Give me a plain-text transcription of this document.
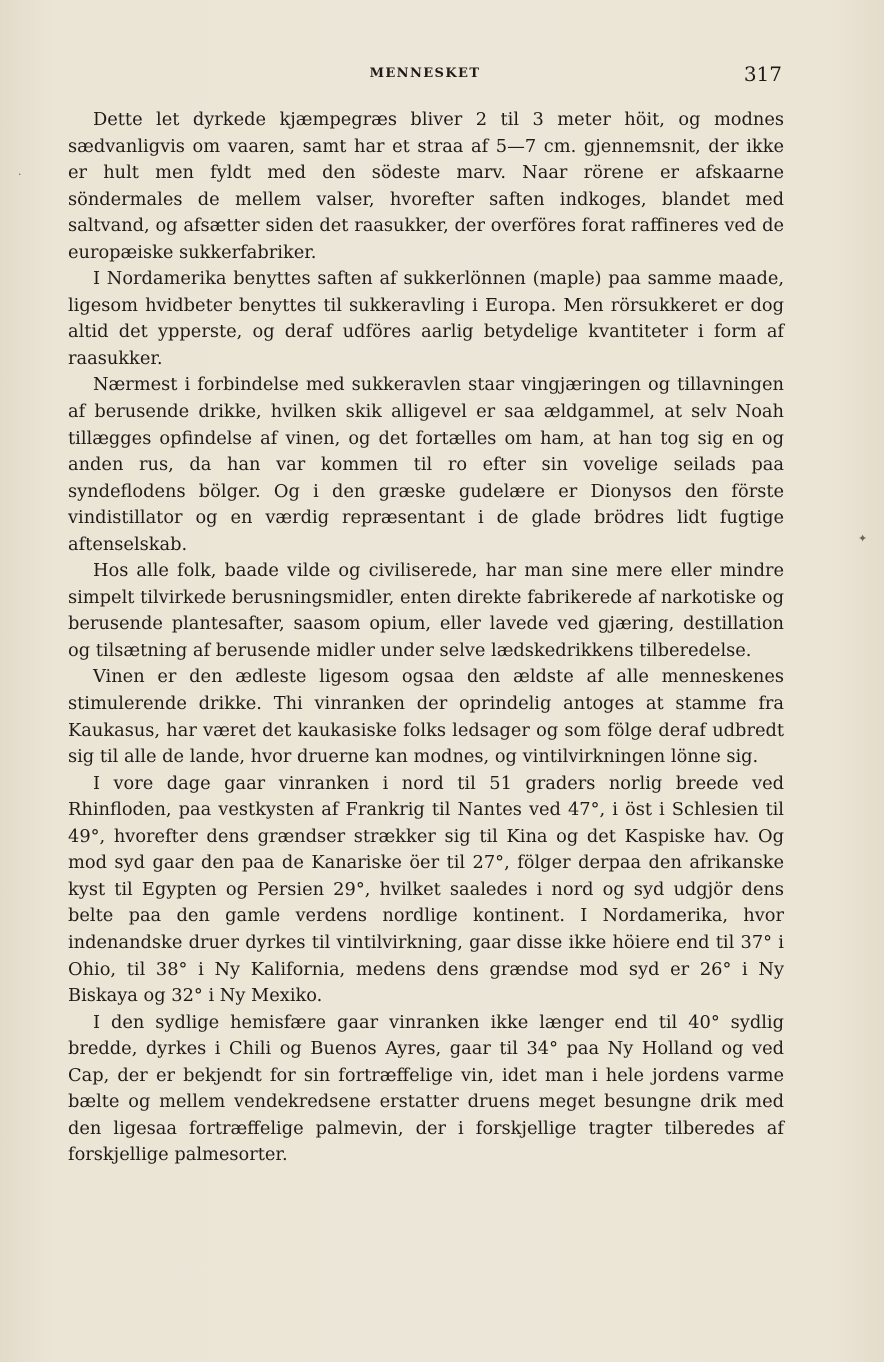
MENNESKET	317

Dette let dyrkede kjæmpegræs bliver 2 til 3 meter höit, og modnes sædvanligvis om vaaren, samt har et straa af 5—7 cm. gjennemsnit, der ikke er hult men fyldt med den södeste marv. Naar rörene er afskaarne söndermales de mellem valser, hvorefter saften indkoges, blandet med saltvand, og afsætter siden det raasukker, der overföres forat raffineres ved de europæiske sukkerfabriker.

I Nordamerika benyttes saften af sukkerlönnen (maple) paa samme maade, ligesom hvidbeter benyttes til sukkeravling i Europa. Men rörsukkeret er dog altid det ypperste, og deraf udföres aarlig betydelige kvantiteter i form af raasukker.

Nærmest i forbindelse med sukkeravlen staar vingjæringen og tillavningen af berusende drikke, hvilken skik alligevel er saa ældgammel, at selv Noah tillægges opfindelse af vinen, og det fortælles om ham, at han tog sig en og anden rus, da han var kommen til ro efter sin vovelige seilads paa syndeflodens bölger. Og i den græske gudelære er Dionysos den förste vindistillator og en værdig repræsentant i de glade brödres lidt fugtige aftenselskab.

Hos alle folk, baade vilde og civiliserede, har man sine mere eller mindre simpelt tilvirkede berusningsmidler, enten direkte fabrikerede af narkotiske og berusende plantesafter, saasom opium, eller lavede ved gjæring, destillation og tilsætning af berusende midler under selve lædskedrikkens tilberedelse.

Vinen er den ædleste ligesom ogsaa den ældste af alle menneskenes stimulerende drikke. Thi vinranken der oprindelig antoges at stamme fra Kaukasus, har været det kaukasiske folks ledsager og som fölge deraf udbredt sig til alle de lande, hvor druerne kan modnes, og vintilvirkningen lönne sig.

I vore dage gaar vinranken i nord til 51 graders norlig breede ved Rhinfloden, paa vestkysten af Frankrig til Nantes ved 47°, i öst i Schlesien til 49°, hvorefter dens grændser strækker sig til Kina og det Kaspiske hav. Og mod syd gaar den paa de Kanariske öer til 27°, fölger derpaa den afrikanske kyst til Egypten og Persien 29°, hvilket saaledes i nord og syd udgjör dens belte paa den gamle verdens nordlige kontinent. I Nordamerika, hvor indenandske druer dyrkes til vintilvirkning, gaar disse ikke höiere end til 37° i Ohio, til 38° i Ny Kalifornia, medens dens grændse mod syd er 26° i Ny Biskaya og 32° i Ny Mexiko.

I den sydlige hemisfære gaar vinranken ikke længer end til 40° sydlig bredde, dyrkes i Chili og Buenos Ayres, gaar til 34° paa Ny Holland og ved Cap, der er bekjendt for sin fortræffelige vin, idet man i hele jordens varme bælte og mellem vendekredsene erstatter druens meget besungne drik med den ligesaa fortræffelige palmevin, der i forskjellige tragter tilberedes af forskjellige palmesorter.

·
✦
